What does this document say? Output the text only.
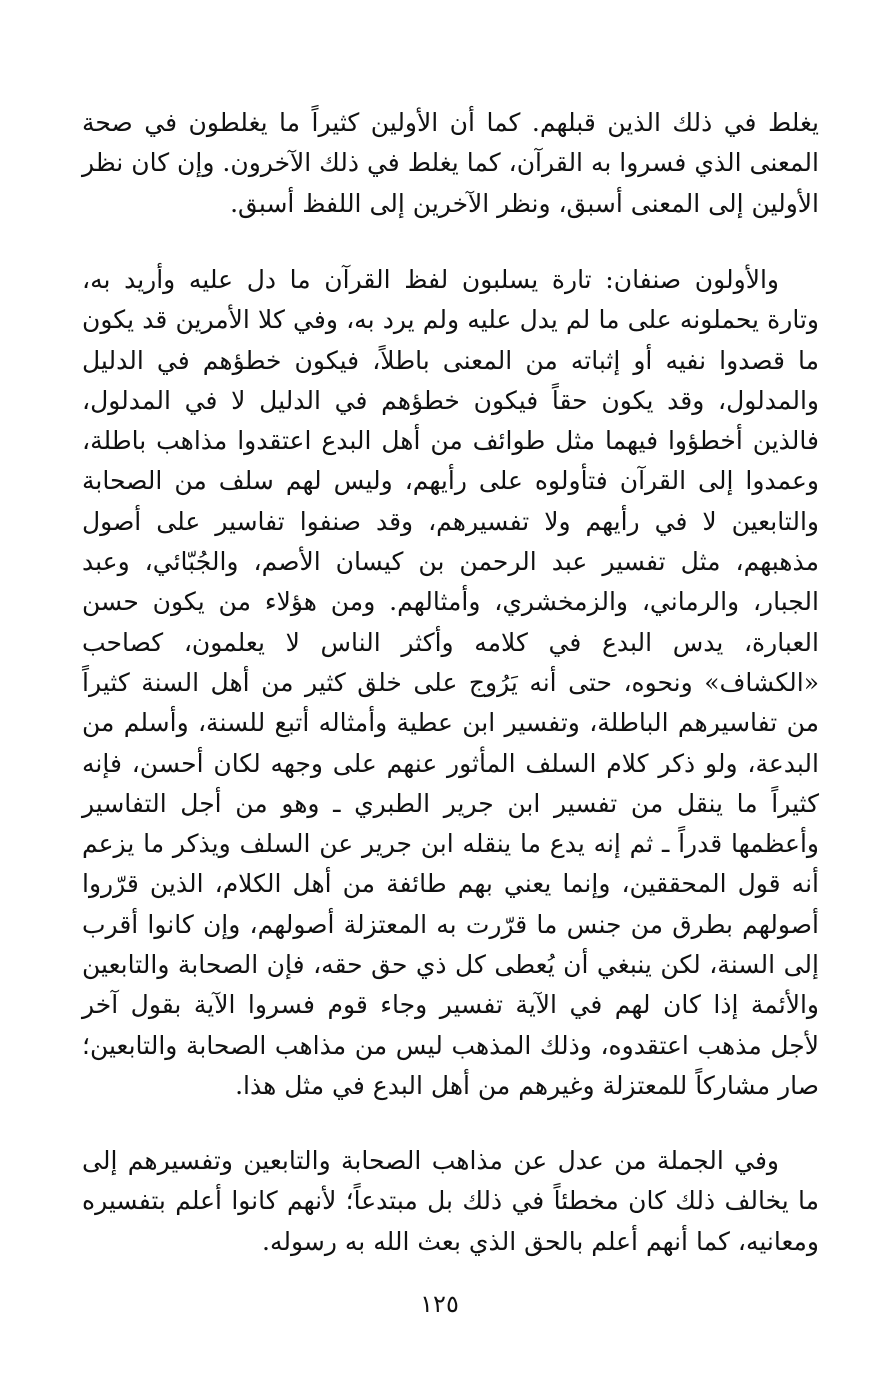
يغلط في ذلك الذين قبلهم. كما أن الأولين كثيراً ما يغلطون في صحة المعنى الذي فسروا به القرآن، كما يغلط في ذلك الآخرون. وإن كان نظر الأولين إلى المعنى أسبق، ونظر الآخرين إلى اللفظ أسبق.

والأولون صنفان: تارة يسلبون لفظ القرآن ما دل عليه وأريد به، وتارة يحملونه على ما لم يدل عليه ولم يرد به، وفي كلا الأمرين قد يكون ما قصدوا نفيه أو إثباته من المعنى باطلاً، فيكون خطؤهم في الدليل والمدلول، وقد يكون حقاً فيكون خطؤهم في الدليل لا في المدلول، فالذين أخطؤوا فيهما مثل طوائف من أهل البدع اعتقدوا مذاهب باطلة، وعمدوا إلى القرآن فتأولوه على رأيهم، وليس لهم سلف من الصحابة والتابعين لا في رأيهم ولا تفسيرهم، وقد صنفوا تفاسير على أصول مذهبهم، مثل تفسير عبد الرحمن بن كيسان الأصم، والجُبّائي، وعبد الجبار، والرماني، والزمخشري، وأمثالهم. ومن هؤلاء من يكون حسن العبارة، يدس البدع في كلامه وأكثر الناس لا يعلمون، كصاحب «الكشاف» ونحوه، حتى أنه يَرُوج على خلق كثير من أهل السنة كثيراً من تفاسيرهم الباطلة، وتفسير ابن عطية وأمثاله أتبع للسنة، وأسلم من البدعة، ولو ذكر كلام السلف المأثور عنهم على وجهه لكان أحسن، فإنه كثيراً ما ينقل من تفسير ابن جرير الطبري ـ وهو من أجل التفاسير وأعظمها قدراً ـ ثم إنه يدع ما ينقله ابن جرير عن السلف ويذكر ما يزعم أنه قول المحققين، وإنما يعني بهم طائفة من أهل الكلام، الذين قرّروا أصولهم بطرق من جنس ما قرّرت به المعتزلة أصولهم، وإن كانوا أقرب إلى السنة، لكن ينبغي أن يُعطى كل ذي حق حقه، فإن الصحابة والتابعين والأئمة إذا كان لهم في الآية تفسير وجاء قوم فسروا الآية بقول آخر لأجل مذهب اعتقدوه، وذلك المذهب ليس من مذاهب الصحابة والتابعين؛ صار مشاركاً للمعتزلة وغيرهم من أهل البدع في مثل هذا.

وفي الجملة من عدل عن مذاهب الصحابة والتابعين وتفسيرهم إلى ما يخالف ذلك كان مخطئاً في ذلك بل مبتدعاً؛ لأنهم كانوا أعلم بتفسيره ومعانيه، كما أنهم أعلم بالحق الذي بعث الله به رسوله.

١٢٥
